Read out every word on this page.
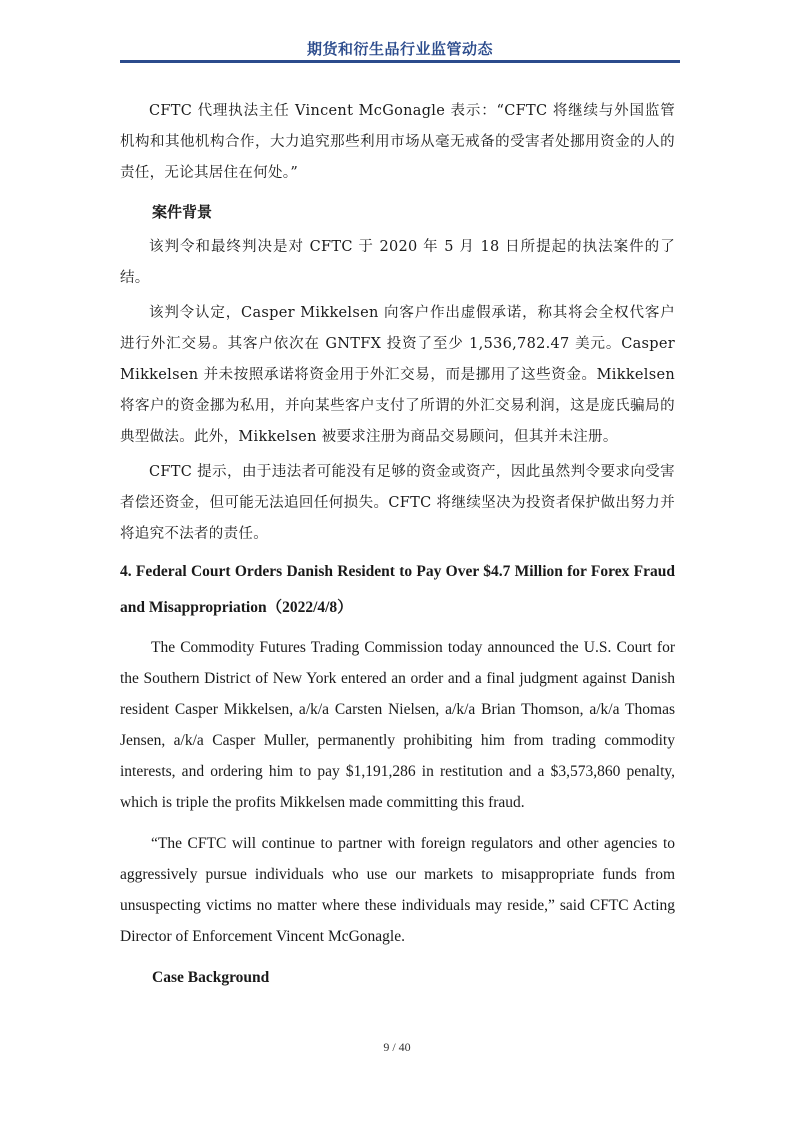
期货和衍生品行业监管动态

CFTC 代理执法主任 Vincent McGonagle 表示：“CFTC 将继续与外国监管机构和其他机构合作，大力追究那些利用市场从毫无戒备的受害者处挪用资金的人的责任，无论其居住在何处。”

案件背景

该判令和最终判决是对 CFTC 于 2020 年 5 月 18 日所提起的执法案件的了结。

该判令认定，Casper Mikkelsen 向客户作出虚假承诺，称其将会全权代客户进行外汇交易。其客户依次在 GNTFX 投资了至少 1,536,782.47 美元。Casper Mikkelsen 并未按照承诺将资金用于外汇交易，而是挪用了这些资金。Mikkelsen 将客户的资金挪为私用，并向某些客户支付了所谓的外汇交易利润，这是庞氏骗局的典型做法。此外，Mikkelsen 被要求注册为商品交易顾问，但其并未注册。

CFTC 提示，由于违法者可能没有足够的资金或资产，因此虽然判令要求向受害者偿还资金，但可能无法追回任何损失。CFTC 将继续坚决为投资者保护做出努力并将追究不法者的责任。

4. Federal Court Orders Danish Resident to Pay Over $4.7 Million for Forex Fraud and Misappropriation（2022/4/8）

The Commodity Futures Trading Commission today announced the U.S. Court for the Southern District of New York entered an order and a final judgment against Danish resident Casper Mikkelsen, a/k/a Carsten Nielsen, a/k/a Brian Thomson, a/k/a Thomas Jensen, a/k/a Casper Muller, permanently prohibiting him from trading commodity interests, and ordering him to pay $1,191,286 in restitution and a $3,573,860 penalty, which is triple the profits Mikkelsen made committing this fraud.

“The CFTC will continue to partner with foreign regulators and other agencies to aggressively pursue individuals who use our markets to misappropriate funds from unsuspecting victims no matter where these individuals may reside,” said CFTC Acting Director of Enforcement Vincent McGonagle.

Case Background
9 / 40
